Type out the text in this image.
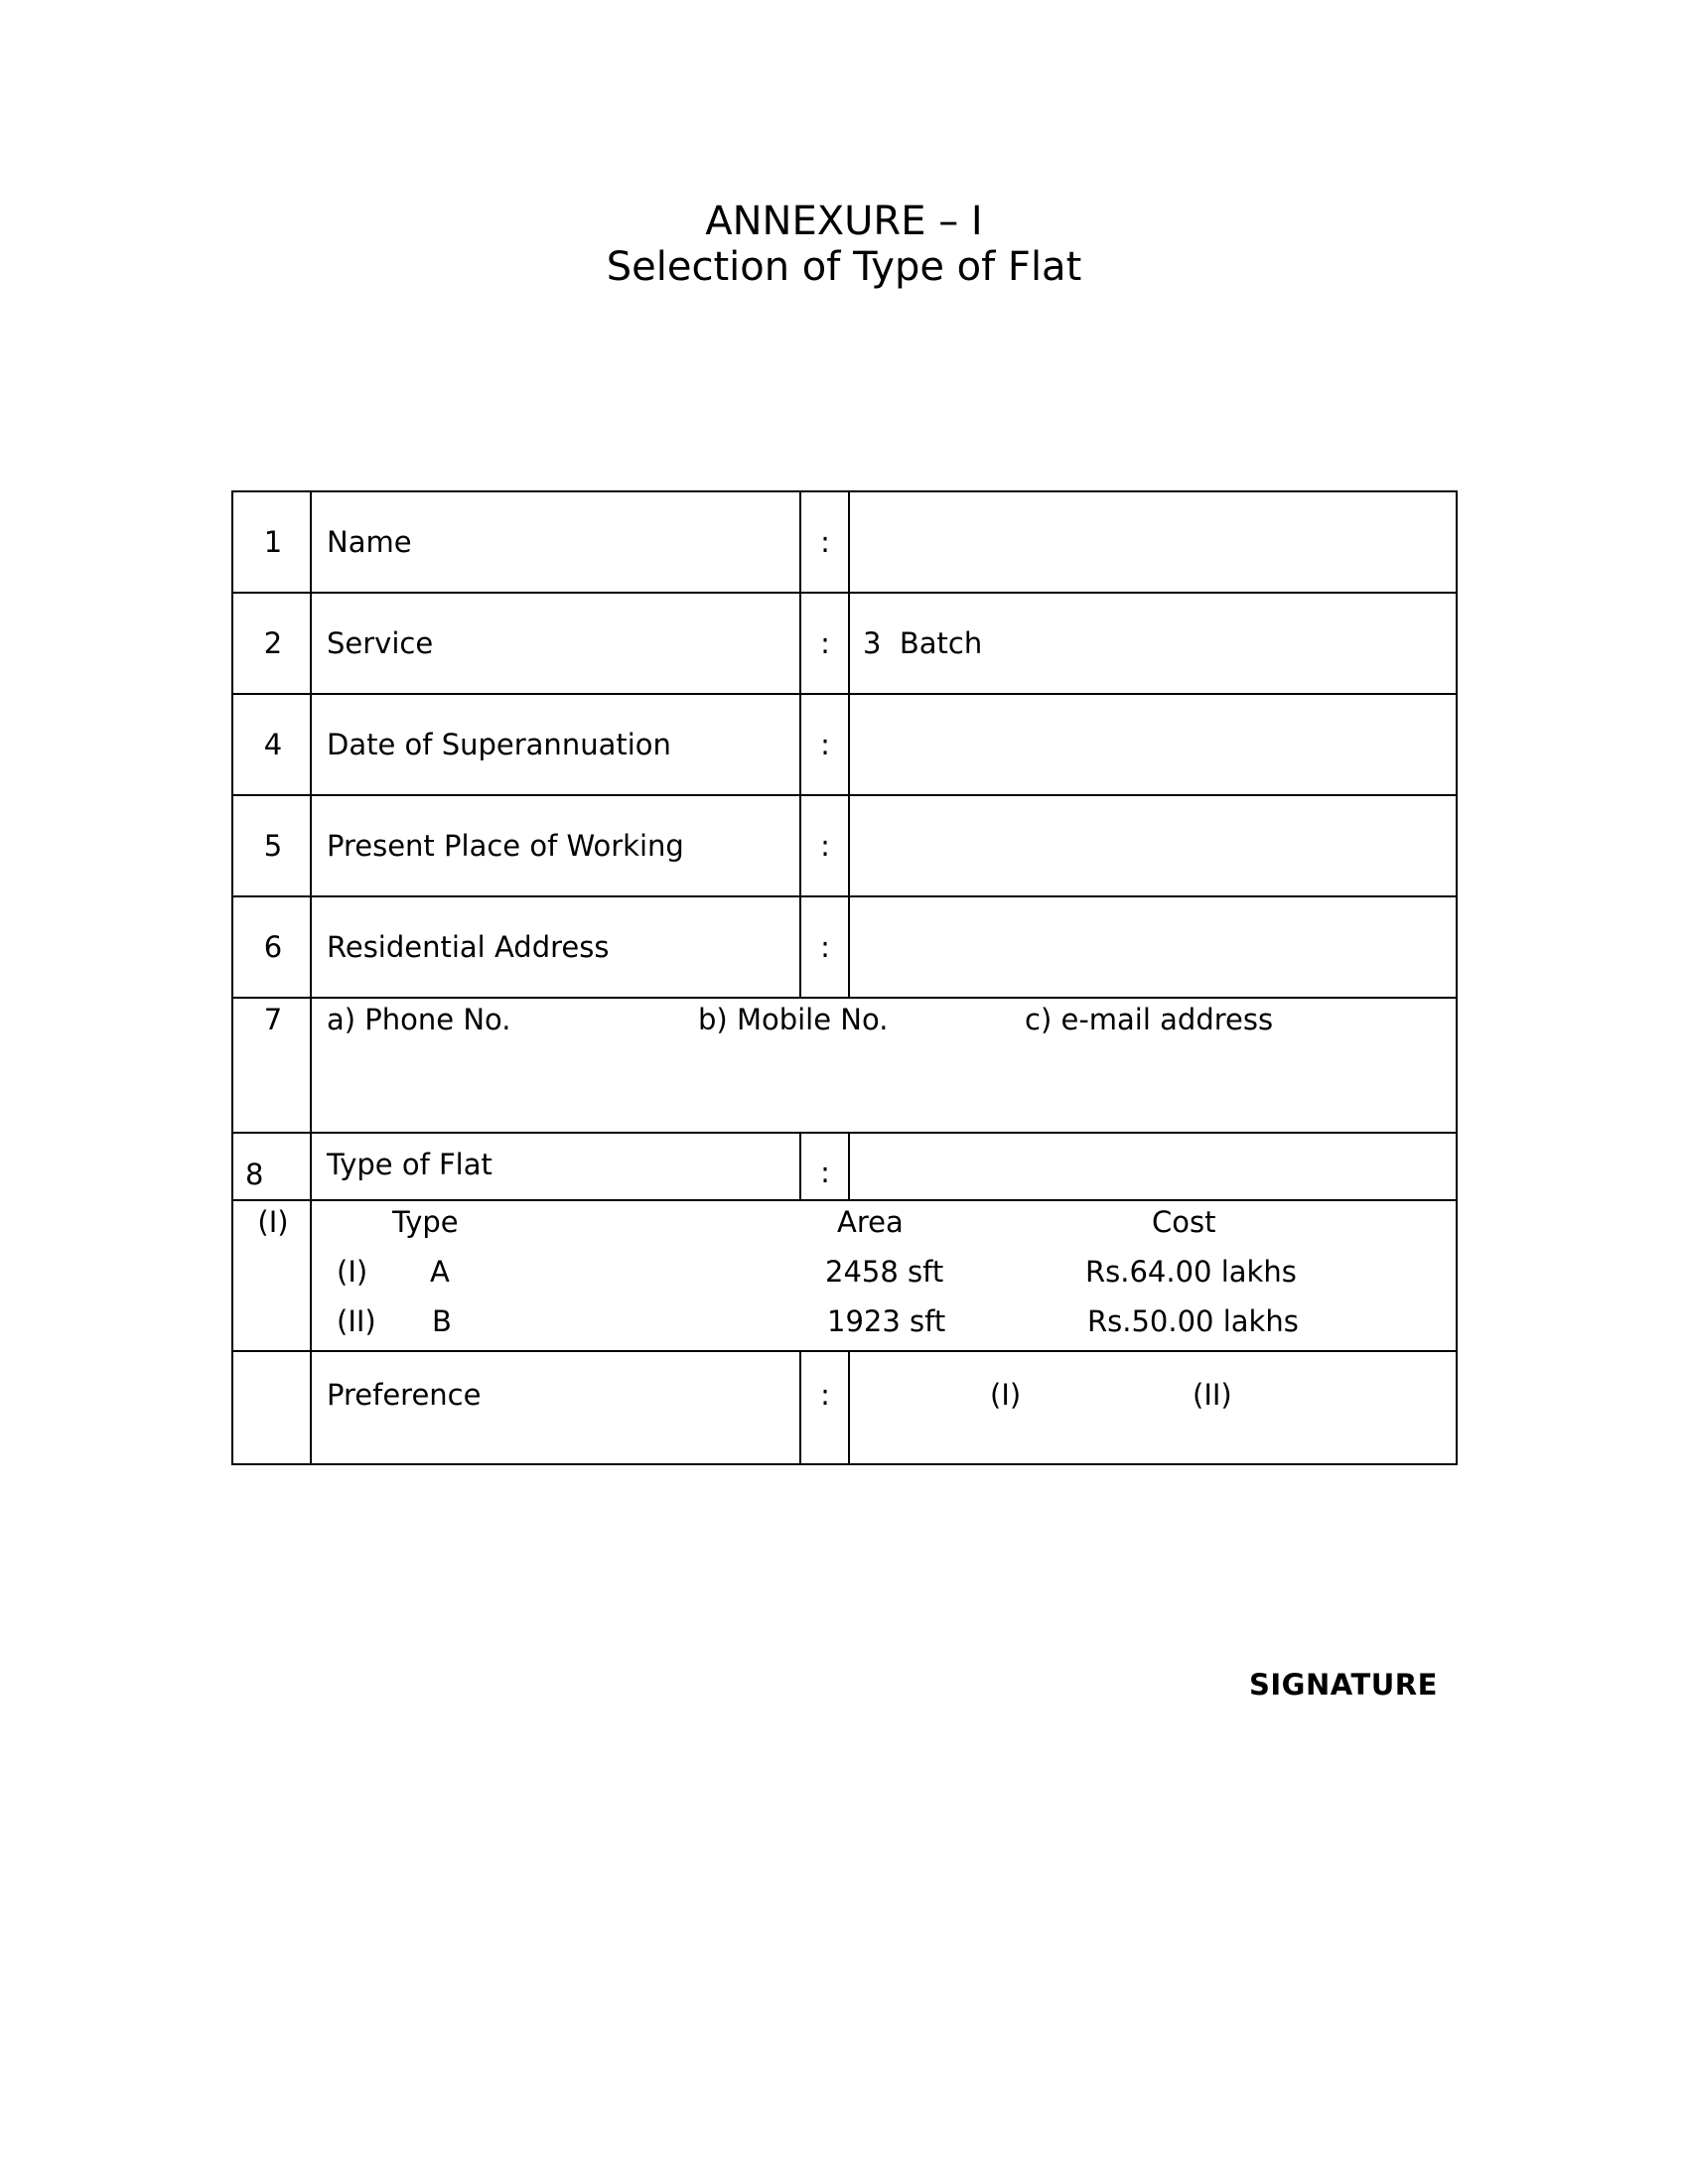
ANNEXURE – I
Selection of Type of Flat
1	Name	:
2	Service	:	3  Batch
4	Date of Superannuation	:
5	Present Place of Working	:
6	Residential Address	:
7	a) Phone No.	b) Mobile No.	c) e-mail address
8 Type of Flat	:
(I)	Type	Area	Cost
(I) A	2458 sft	Rs.64.00 lakhs
(II) B	1923 sft	Rs.50.00 lakhs
Preference	:	(I)	(II)
SIGNATURE
